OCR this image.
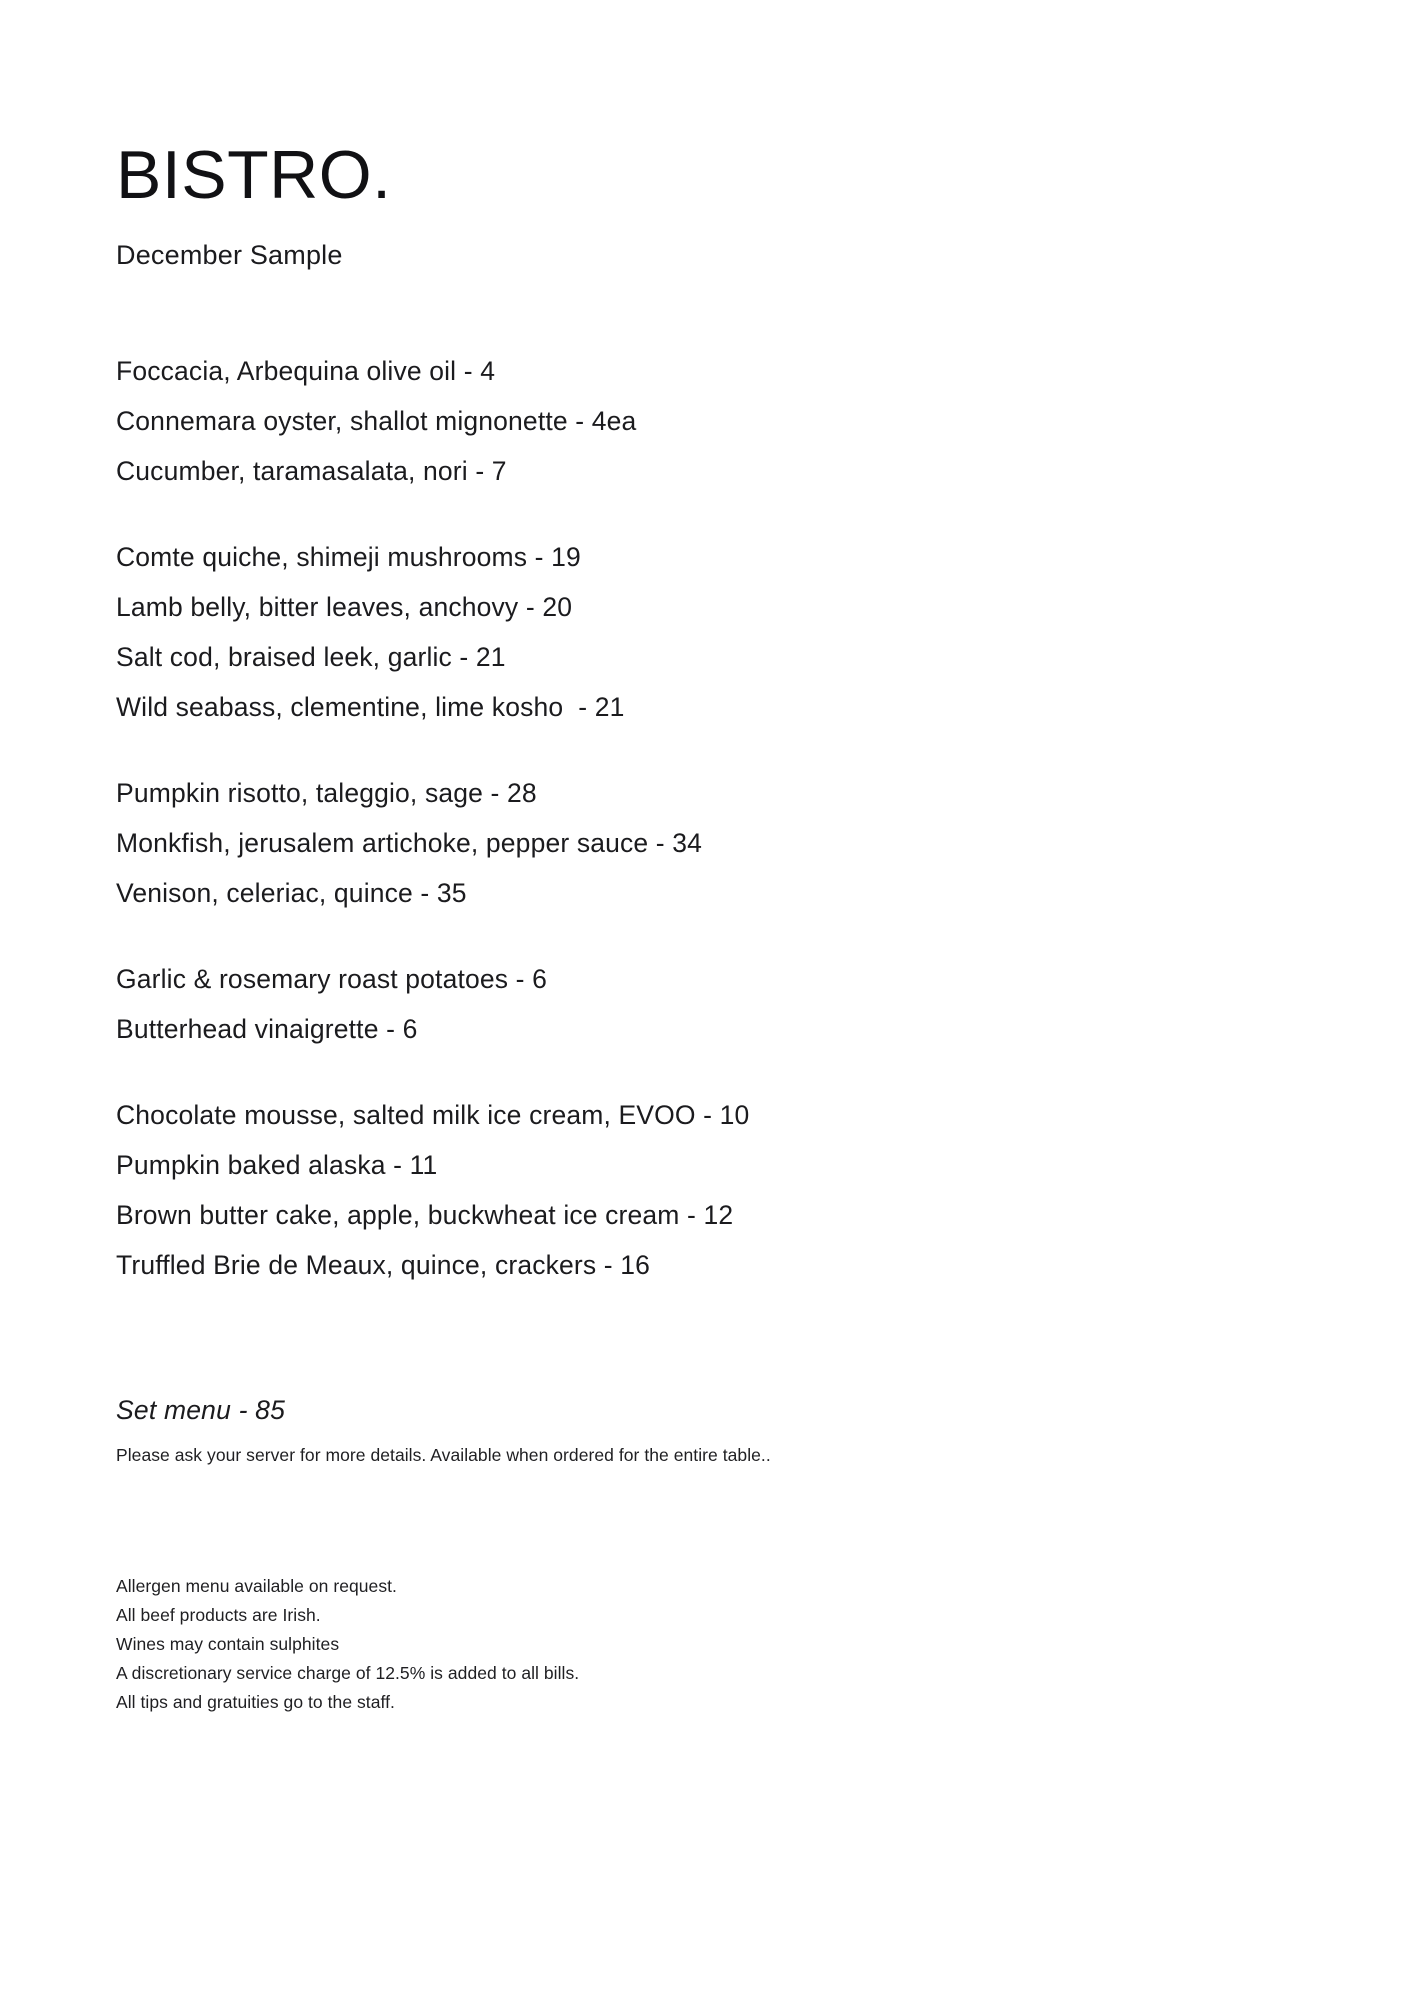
BISTRO.
December Sample
Foccacia, Arbequina olive oil - 4
Connemara oyster, shallot mignonette - 4ea
Cucumber, taramasalata, nori - 7
Comte quiche, shimeji mushrooms - 19
Lamb belly, bitter leaves, anchovy - 20
Salt cod, braised leek, garlic - 21
Wild seabass, clementine, lime kosho  - 21
Pumpkin risotto, taleggio, sage - 28
Monkfish, jerusalem artichoke, pepper sauce - 34
Venison, celeriac, quince - 35
Garlic & rosemary roast potatoes - 6
Butterhead vinaigrette - 6
Chocolate mousse, salted milk ice cream, EVOO - 10
Pumpkin baked alaska - 11
Brown butter cake, apple, buckwheat ice cream - 12
Truffled Brie de Meaux, quince, crackers - 16
Set menu - 85
Please ask your server for more details. Available when ordered for the entire table..
Allergen menu available on request.
All beef products are Irish.
Wines may contain sulphites
A discretionary service charge of 12.5% is added to all bills.
All tips and gratuities go to the staff.
